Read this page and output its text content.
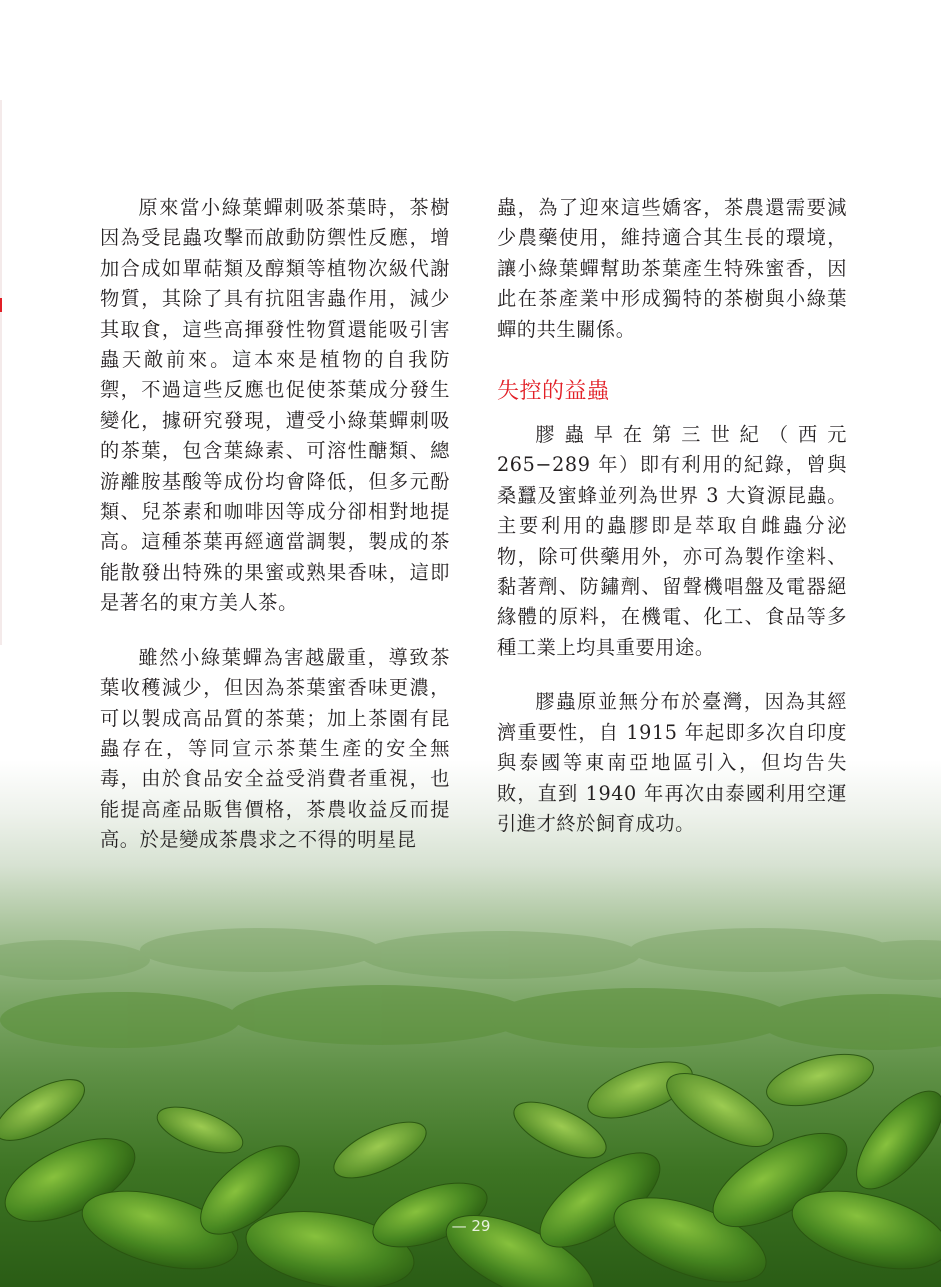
原來當小綠葉蟬刺吸茶葉時，茶樹因為受昆蟲攻擊而啟動防禦性反應，增加合成如單萜類及醇類等植物次級代謝物質，其除了具有抗阻害蟲作用，減少其取食，這些高揮發性物質還能吸引害蟲天敵前來。這本來是植物的自我防禦，不過這些反應也促使茶葉成分發生變化，據研究發現，遭受小綠葉蟬刺吸的茶葉，包含葉綠素、可溶性醣類、總游離胺基酸等成份均會降低，但多元酚類、兒茶素和咖啡因等成分卻相對地提高。這種茶葉再經適當調製，製成的茶能散發出特殊的果蜜或熟果香味，這即是著名的東方美人茶。

雖然小綠葉蟬為害越嚴重，導致茶葉收穫減少，但因為茶葉蜜香味更濃，可以製成高品質的茶葉；加上茶園有昆蟲存在，等同宣示茶葉生產的安全無毒，由於食品安全益受消費者重視，也能提高產品販售價格，茶農收益反而提高。於是變成茶農求之不得的明星昆

蟲，為了迎來這些嬌客，茶農還需要減少農藥使用，維持適合其生長的環境，讓小綠葉蟬幫助茶葉產生特殊蜜香，因此在茶產業中形成獨特的茶樹與小綠葉蟬的共生關係。

失控的益蟲

膠蟲早在第三世紀（西元 265−289 年）即有利用的紀錄，曾與桑蠶及蜜蜂並列為世界 3 大資源昆蟲。主要利用的蟲膠即是萃取自雌蟲分泌物，除可供藥用外，亦可為製作塗料、黏著劑、防鏽劑、留聲機唱盤及電器絕緣體的原料，在機電、化工、食品等多種工業上均具重要用途。

膠蟲原並無分布於臺灣，因為其經濟重要性，自 1915 年起即多次自印度與泰國等東南亞地區引入，但均告失敗，直到 1940 年再次由泰國利用空運引進才終於飼育成功。

— 29
